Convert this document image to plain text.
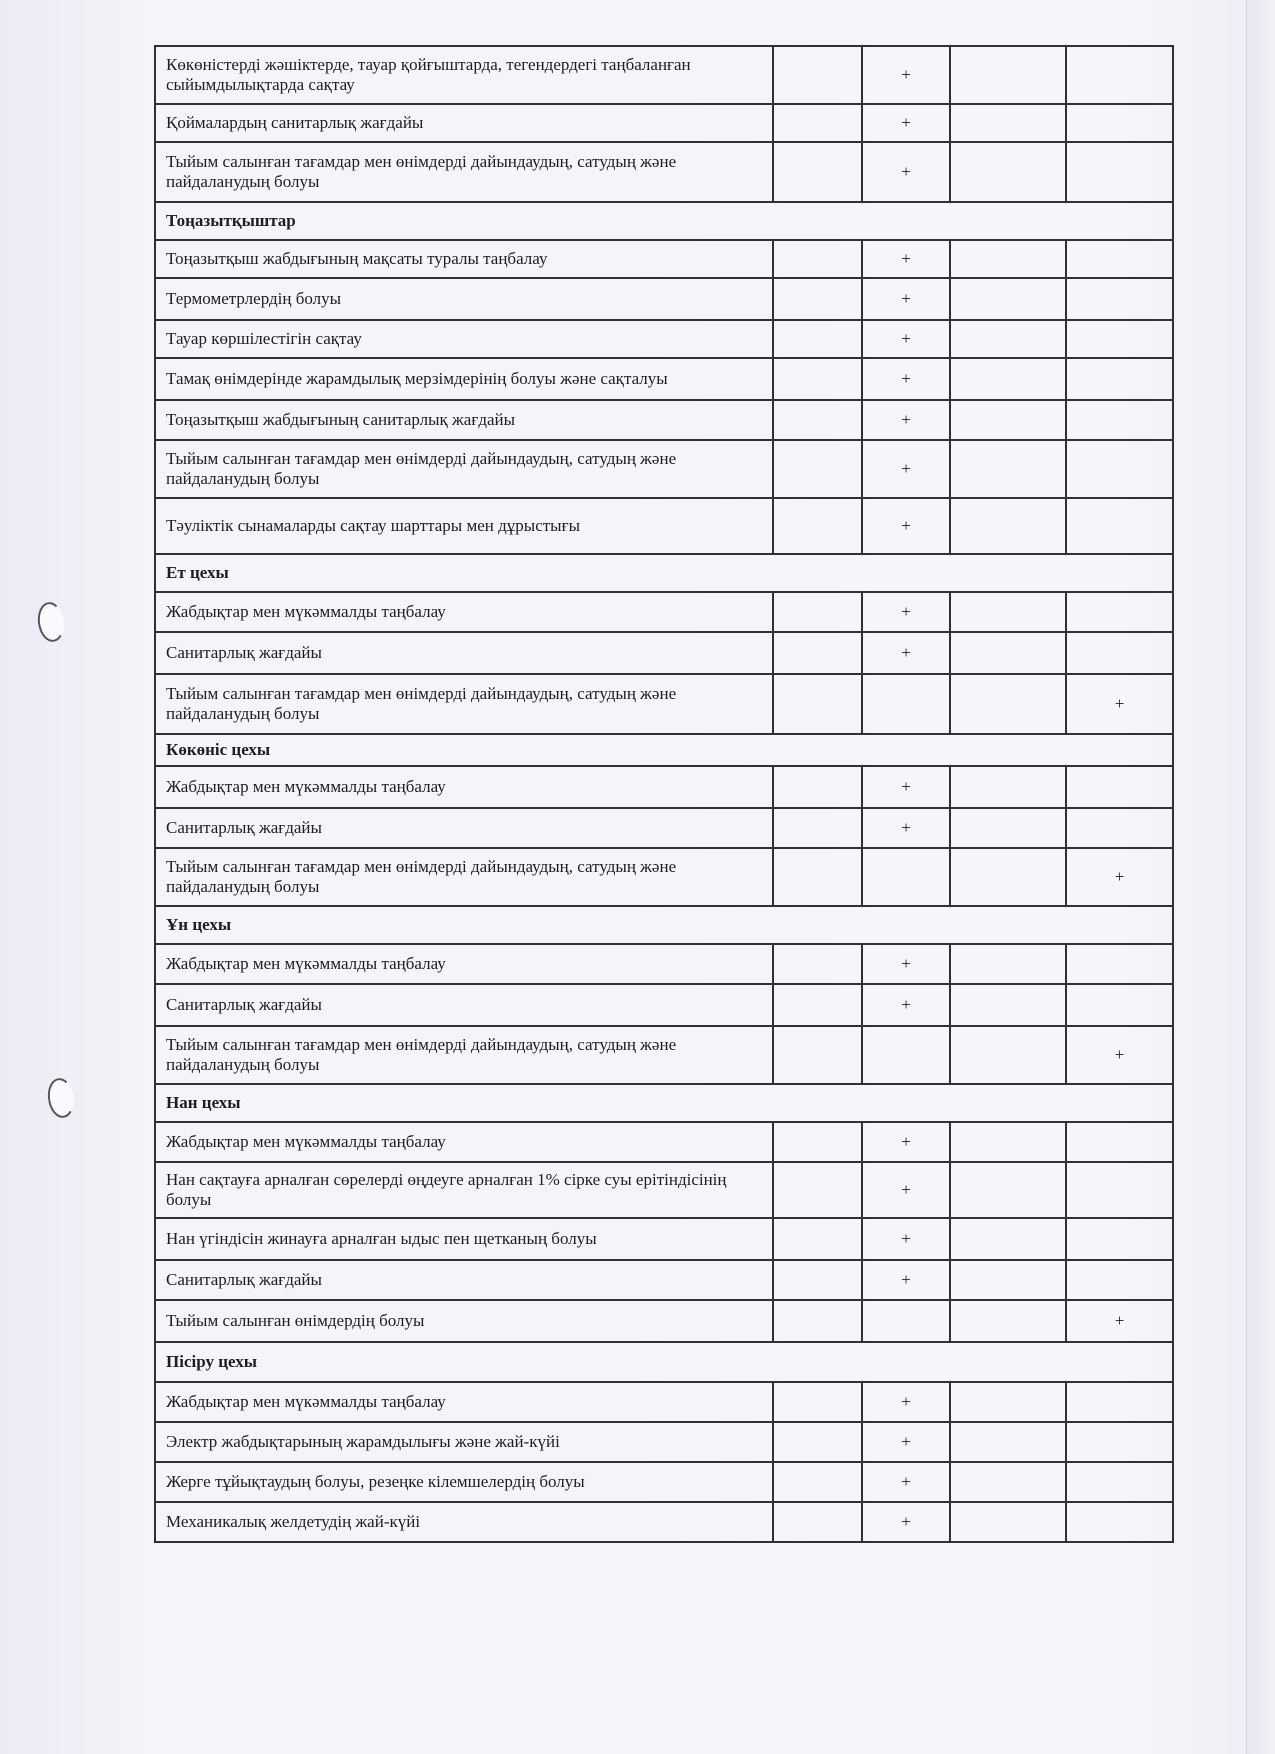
Көкөністерді жәшіктерде, тауар қойғыштарда, тегендердегі таңбаланған сыйымдылықтарда сақтау		+		
Қоймалардың санитарлық жағдайы		+		
Тыйым салынған тағамдар мен өнімдерді дайындаудың, сатудың және пайдаланудың болуы		+		
Тоңазытқыштар				
Тоңазытқыш жабдығының мақсаты туралы таңбалау		+		
Термометрлердің болуы		+		
Тауар көршілестігін сақтау		+		
Тамақ өнімдерінде жарамдылық мерзімдерінің болуы және сақталуы		+		
Тоңазытқыш жабдығының санитарлық жағдайы		+		
Тыйым салынған тағамдар мен өнімдерді дайындаудың, сатудың және пайдаланудың болуы		+		
Тәуліктік сынамаларды сақтау шарттары мен дұрыстығы		+		
Ет цехы				
Жабдықтар мен мүкәммалды таңбалау		+		
Санитарлық жағдайы		+		
Тыйым салынған тағамдар мен өнімдерді дайындаудың, сатудың және пайдаланудың болуы				+
Көкөніс цехы				
Жабдықтар мен мүкәммалды таңбалау		+		
Санитарлық жағдайы		+		
Тыйым салынған тағамдар мен өнімдерді дайындаудың, сатудың және пайдаланудың болуы				+
Ұн цехы				
Жабдықтар мен мүкәммалды таңбалау		+		
Санитарлық жағдайы		+		
Тыйым салынған тағамдар мен өнімдерді дайындаудың, сатудың және пайдаланудың болуы				+
Нан цехы				
Жабдықтар мен мүкәммалды таңбалау		+		
Нан сақтауға арналған сөрелерді өңдеуге арналған 1% сірке суы ерітіндісінің болуы		+		
Нан үгіндісін жинауға арналған ыдыс пен щетканың болуы		+		
Санитарлық жағдайы		+		
Тыйым салынған өнімдердің болуы				+
Пісіру цехы				
Жабдықтар мен мүкәммалды таңбалау		+		
Электр жабдықтарының жарамдылығы және жай-күйі		+		
Жерге тұйықтаудың болуы, резеңке кілемшелердің болуы		+		
Механикалық желдетудің жай-күйі		+		
